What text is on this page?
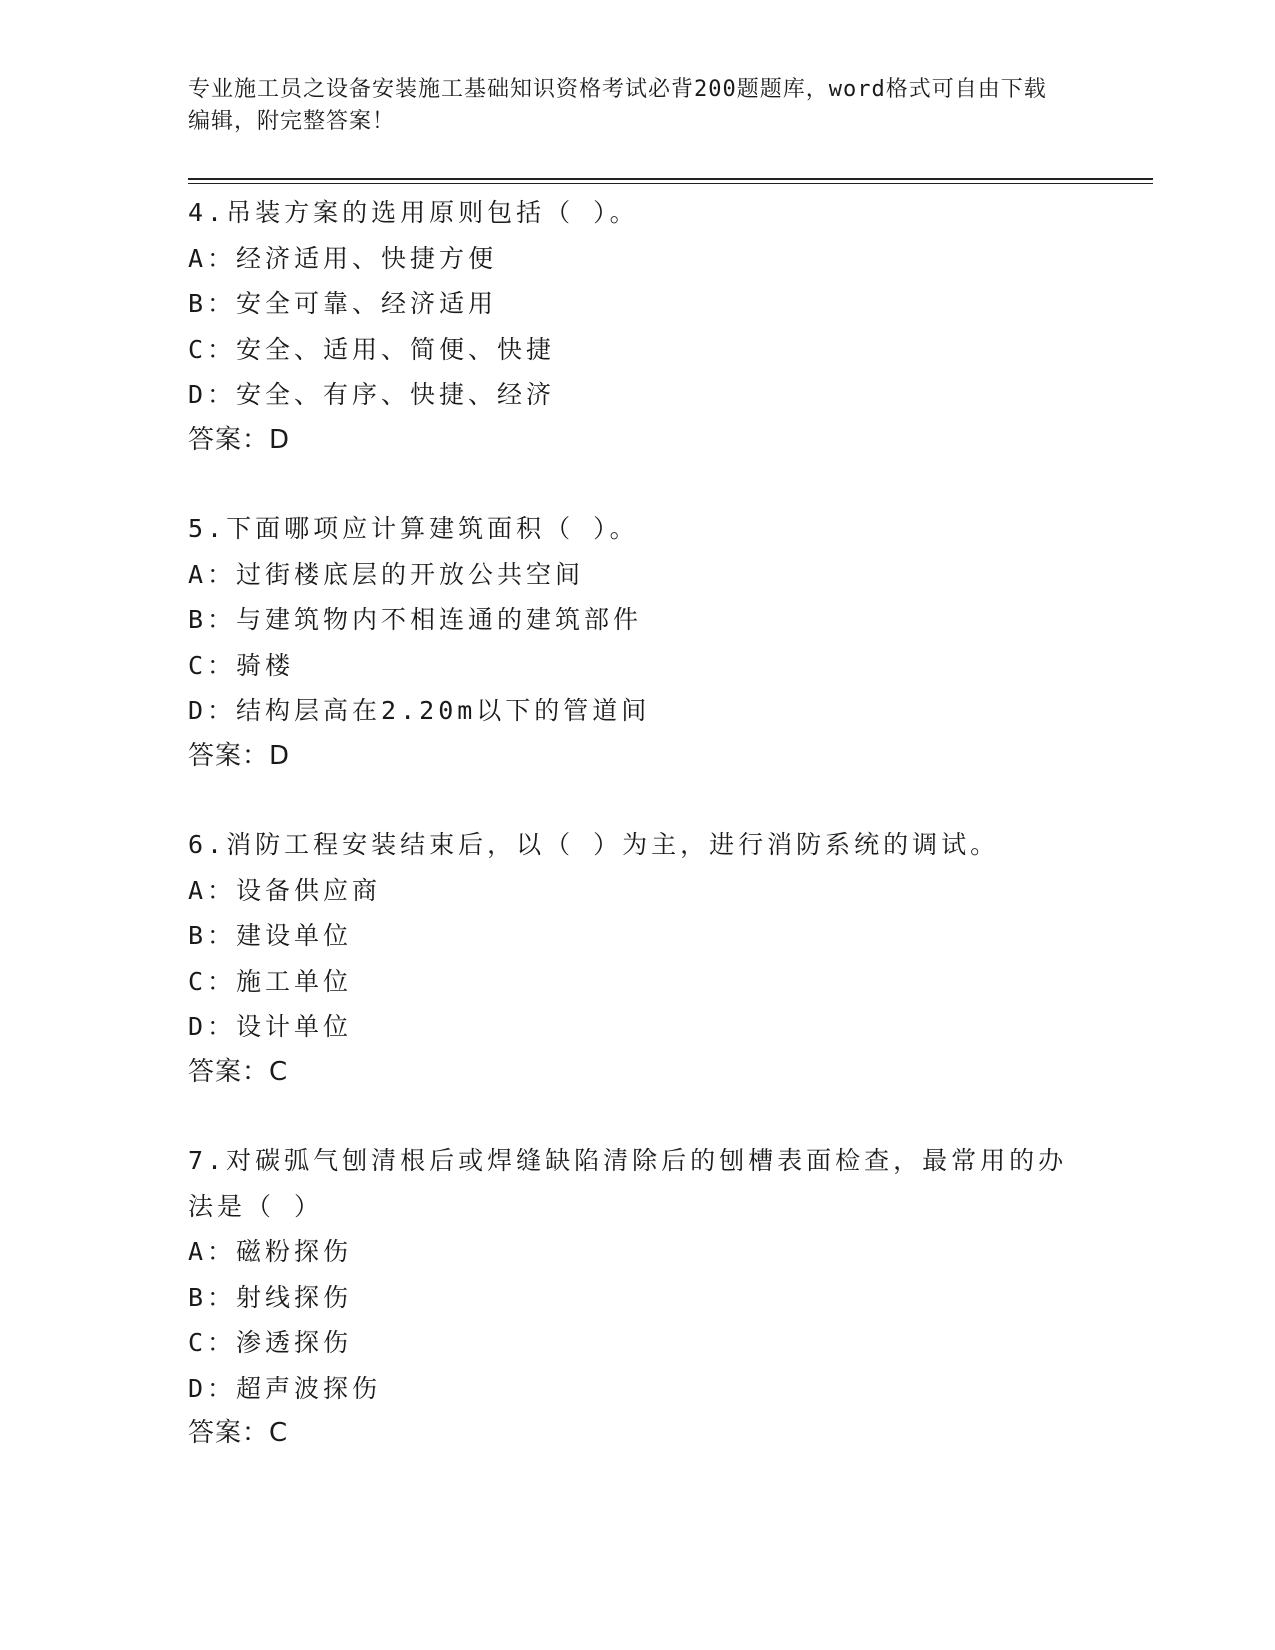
专业施工员之设备安装施工基础知识资格考试必背200题题库，word格式可自由下载编辑，附完整答案！
4.吊装方案的选用原则包括（ ）。
A：经济适用、快捷方便
B：安全可靠、经济适用
C：安全、适用、简便、快捷
D：安全、有序、快捷、经济
答案：D
5.下面哪项应计算建筑面积（ ）。
A：过街楼底层的开放公共空间
B：与建筑物内不相连通的建筑部件
C：骑楼
D：结构层高在2.20m以下的管道间
答案：D
6.消防工程安装结束后，以（ ）为主，进行消防系统的调试。
A：设备供应商
B：建设单位
C：施工单位
D：设计单位
答案：C
7.对碳弧气刨清根后或焊缝缺陷清除后的刨槽表面检查，最常用的办法是（ ）
A：磁粉探伤
B：射线探伤
C：渗透探伤
D：超声波探伤
答案：C
